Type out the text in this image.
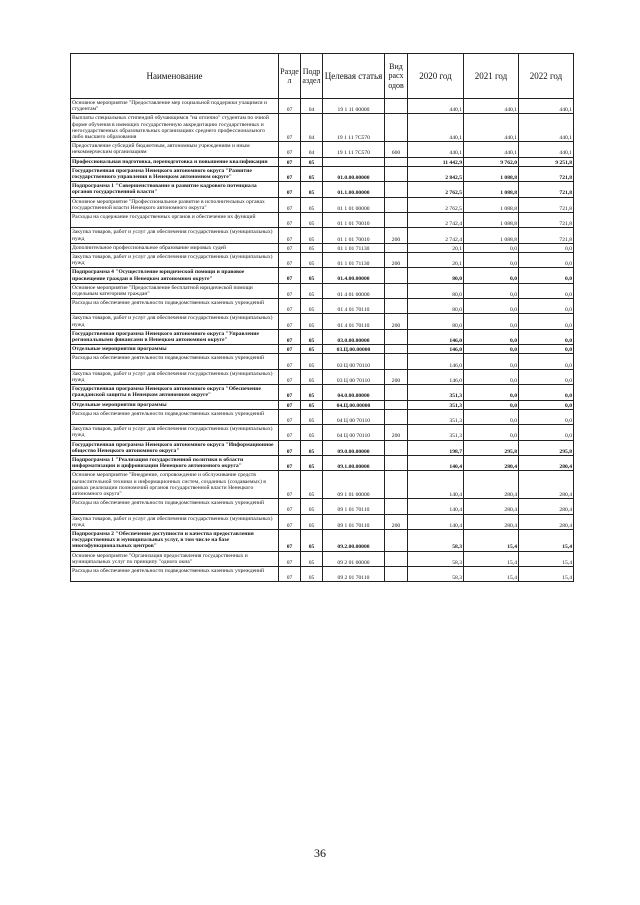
Наименование	Разде л	Подр аздел	Целевая статья	Вид расх одов	2020 год	2021 год	2022 год
Основное мероприятие "Предоставление мер социальной поддержки учащимся и студентам"	07	04	19 1 11 00000		440,1	440,1	440,1
Выплаты специальных стипендий обучающимся "на отлично" студентам по очной форме обучения в имеющих государственную аккредитацию государственных и негосударственных образовательных организациях среднего профессионального либо высшего образования	07	04	19 1 11 7С570		440,1	440,1	440,1
Предоставление субсидий бюджетным, автономным учреждениям и иным некоммерческим организациям	07	04	19 1 11 7С570	600	440,1	440,1	440,1
Профессиональная подготовка, переподготовка и повышение квалификации	07	05			11 442,9	9 762,0	9 251,8
Государственная программа Ненецкого автономного округа "Развитие государственного управления в Ненецком автономном округе"	07	05	01.0.00.00000		2 842,5	1 088,8	721,8
Подпрограмма 1 "Совершенствование и развитие кадрового потенциала органов государственной власти"	07	05	01.1.00.00000		2 762,5	1 088,8	721,8
Основное мероприятие "Профессиональное развитие в исполнительных органах государственной власти Ненецкого автономного округа"	07	05	01 1 01 00000		2 762,5	1 088,8	721,8
Расходы на содержание государственных органов и обеспечение их функций	07	05	01 1 01 70010		2 742,4	1 088,8	721,8
Закупка товаров, работ и услуг для обеспечения государственных (муниципальных) нужд	07	05	01 1 01 70010	200	2 742,4	1 088,8	721,8
Дополнительное профессиональное образование мировых судей	07	05	01 1 01 71130		20,1	0,0	0,0
Закупка товаров, работ и услуг для обеспечения государственных (муниципальных) нужд	07	05	01 1 01 71130	200	20,1	0,0	0,0
Подпрограмма 4 "Осуществление юридической помощи и правовое просвещение граждан в Ненецком автономном округе"	07	05	01.4.00.00000		80,0	0,0	0,0
Основное мероприятие "Предоставление бесплатной юридической помощи отдельным категориям граждан"	07	05	01 4 01 00000		80,0	0,0	0,0
Расходы на обеспечение деятельности подведомственных казенных учреждений	07	05	01 4 01 70110		80,0	0,0	0,0
Закупка товаров, работ и услуг для обеспечения государственных (муниципальных) нужд	07	05	01 4 01 70110	200	80,0	0,0	0,0
Государственная программа Ненецкого автономного округа "Управление региональными финансами в Ненецком автономном округе"	07	05	03.0.00.00000		146,0	0,0	0,0
Отдельные мероприятия программы	07	05	03.Ц.00.00000		146,0	0,0	0,0
Расходы на обеспечение деятельности подведомственных казенных учреждений	07	05	03 Ц 00 70110		146,0	0,0	0,0
Закупка товаров, работ и услуг для обеспечения государственных (муниципальных) нужд	07	05	03 Ц 00 70110	200	146,0	0,0	0,0
Государственная программа Ненецкого автономного округа "Обеспечение гражданской защиты в Ненецком автономном округе"	07	05	04.0.00.00000		351,3	0,0	0,0
Отдельные мероприятия программы	07	05	04.Ц.00.00000		351,3	0,0	0,0
Расходы на обеспечение деятельности подведомственных казенных учреждений	07	05	04 Ц 00 70110		351,3	0,0	0,0
Закупка товаров, работ и услуг для обеспечения государственных (муниципальных) нужд	07	05	04 Ц 00 70110	200	351,3	0,0	0,0
Государственная программа Ненецкого автономного округа "Информационное общество Ненецкого автономного округа"	07	05	09.0.00.00000		198,7	295,8	295,8
Подпрограмма 1 "Реализация государственной политики в области информатизации и цифровизации Ненецкого автономного округа"	07	05	09.1.00.00000		140,4	280,4	280,4
Основное мероприятие "Внедрение, сопровождение и обслуживание средств вычислительной техники и информационных систем, созданных (создаваемых) в рамках реализации полномочий органов государственной власти Ненецкого автономного округа"	07	05	09 1 01 00000		140,4	280,4	280,4
Расходы на обеспечение деятельности подведомственных казенных учреждений	07	05	09 1 01 70110		140,4	280,4	280,4
Закупка товаров, работ и услуг для обеспечения государственных (муниципальных) нужд	07	05	09 1 01 70110	200	140,4	280,4	280,4
Подпрограмма 2 "Обеспечение доступности и качества предоставления государственных и муниципальных услуг, в том числе на базе многофункциональных центров"	07	05	09.2.00.00000		58,3	15,4	15,4
Основное мероприятие "Организация предоставления государственных и муниципальных услуг по принципу "одного окна"	07	05	09 2 01 00000		58,3	15,4	15,4
Расходы на обеспечение деятельности подведомственных казенных учреждений	07	05	09 2 01 70110		58,3	15,4	15,4
36
